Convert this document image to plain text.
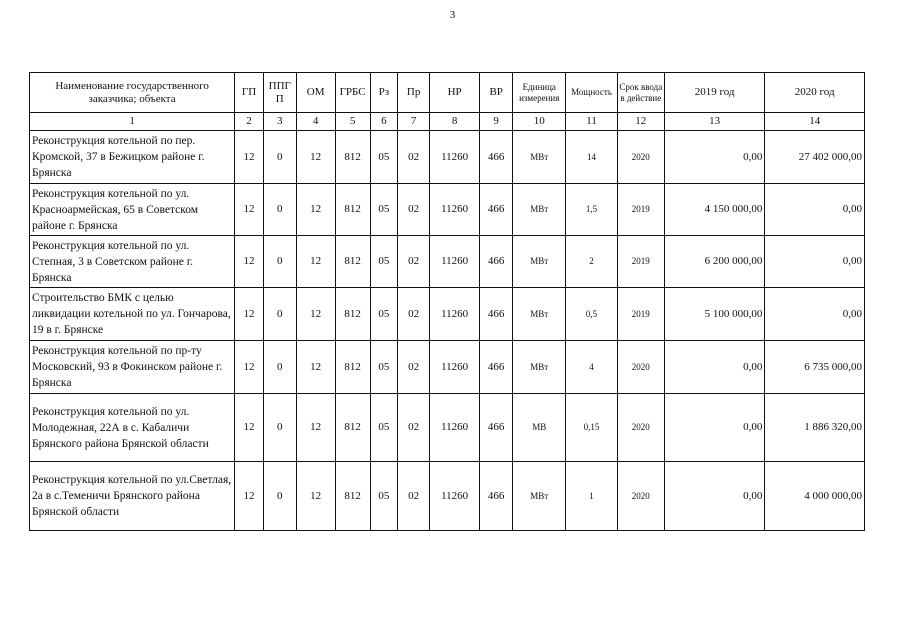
3
Наименование государственного заказчика; объекта	ГП	ППГ П	ОМ	ГРБС	Рз	Пр	НР	ВР	Единица измерения	Мощность	Срок ввода в действие	2019 год	2020 год
1	2	3	4	5	6	7	8	9	10	11	12	13	14
Реконструкция котельной по пер. Кромской, 37 в Бежицком районе г. Брянска	12	0	12	812	05	02	11260	466	МВт	14	2020	0,00	27 402 000,00
Реконструкция котельной по ул. Красноармейская, 65 в Советском районе г. Брянска	12	0	12	812	05	02	11260	466	МВт	1,5	2019	4 150 000,00	0,00
Реконструкция котельной по ул. Степная, 3 в Советском районе г. Брянска	12	0	12	812	05	02	11260	466	МВт	2	2019	6 200 000,00	0,00
Строительство БМК с целью ликвидации котельной по ул. Гончарова, 19 в г. Брянске	12	0	12	812	05	02	11260	466	МВт	0,5	2019	5 100 000,00	0,00
Реконструкция котельной по пр-ту Московский, 93 в Фокинском районе г. Брянска	12	0	12	812	05	02	11260	466	МВт	4	2020	0,00	6 735 000,00
Реконструкция котельной по ул. Молодежная, 22А в с. Кабаличи Брянского района Брянской области	12	0	12	812	05	02	11260	466	МВ	0,15	2020	0,00	1 886 320,00
Реконструкция котельной по ул.Светлая, 2а в с.Теменичи Брянского района Брянской области	12	0	12	812	05	02	11260	466	МВт	1	2020	0,00	4 000 000,00
